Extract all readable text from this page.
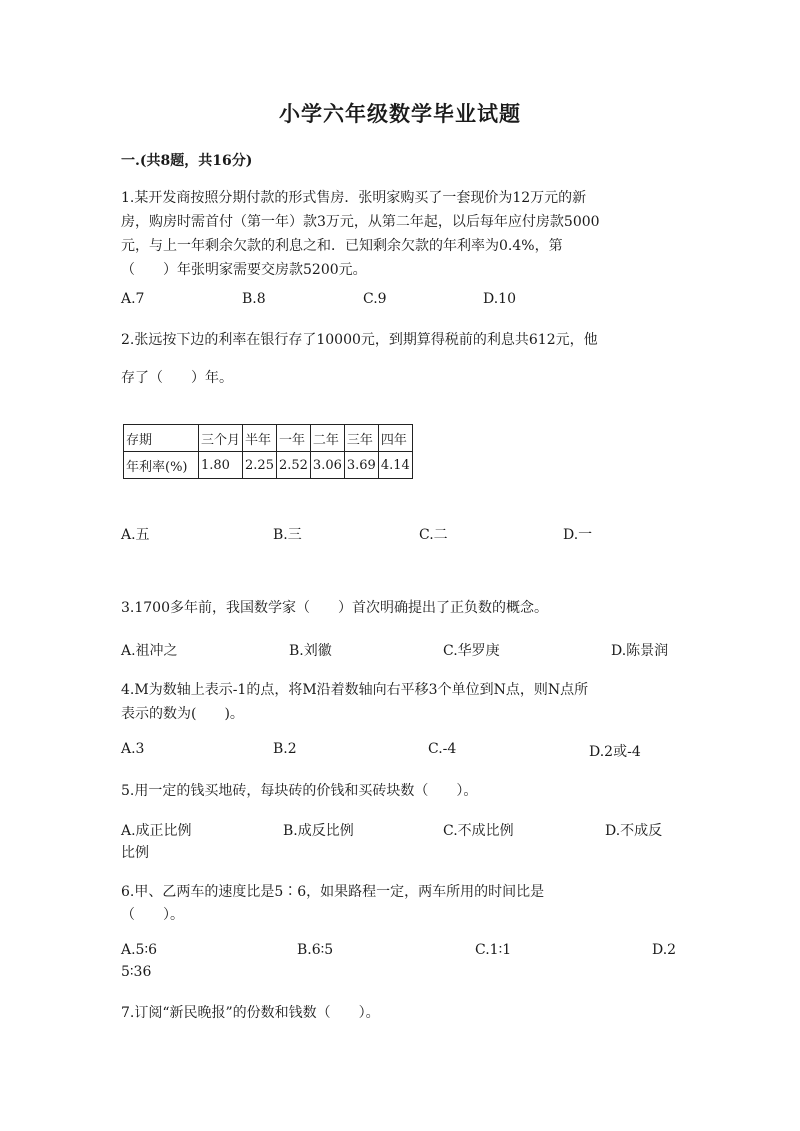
小学六年级数学毕业试题
一.(共8题，共16分)
1.某开发商按照分期付款的形式售房．张明家购买了一套现价为12万元的新
房，购房时需首付（第一年）款3万元，从第二年起，以后每年应付房款5000
元，与上一年剩余欠款的利息之和．已知剩余欠款的年利率为0.4%，第
（　　）年张明家需要交房款5200元。
A.7	B.8	C.9	D.10
2.张远按下边的利率在银行存了10000元，到期算得税前的利息共612元，他
存了（　　）年。
存期	三个月	半年	一年	二年	三年	四年
年利率(%)	1.80	2.25	2.52	3.06	3.69	4.14
A.五	B.三	C.二	D.一
3.1700多年前，我国数学家（　　）首次明确提出了正负数的概念。
A.祖冲之	B.刘徽	C.华罗庚	D.陈景润
4.M为数轴上表示-1的点，将M沿着数轴向右平移3个单位到N点，则N点所
表示的数为(　　)。
A.3	B.2	C.-4	D.2或-4
5.用一定的钱买地砖，每块砖的价钱和买砖块数（　　）。
A.成正比例	B.成反比例	C.不成比例	D.不成反
比例
6.甲、乙两车的速度比是5∶6，如果路程一定，两车所用的时间比是
（　　）。
A.5∶6	B.6∶5	C.1∶1	D.2
5∶36
7.订阅“新民晚报”的份数和钱数（　　）。
